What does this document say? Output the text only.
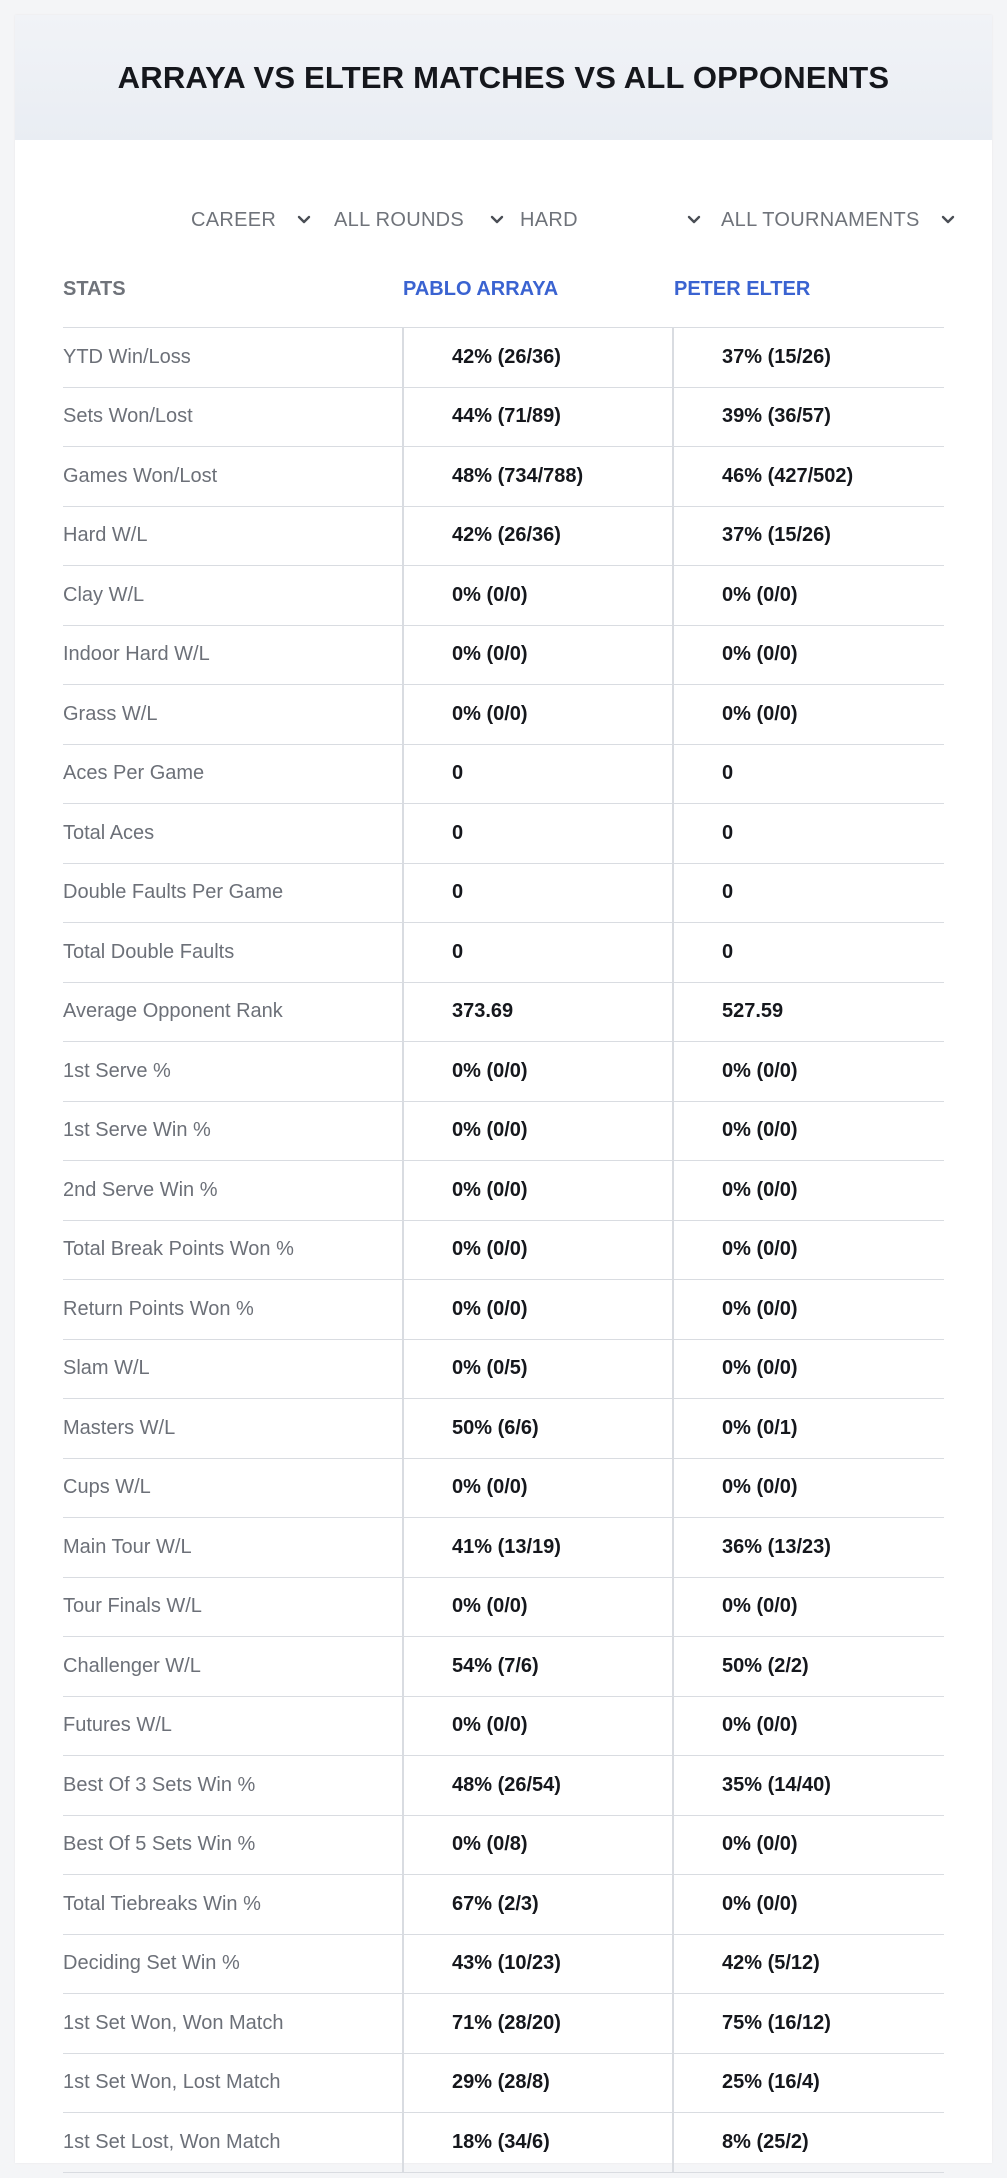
ARRAYA VS ELTER MATCHES VS ALL OPPONENTS
CAREER	ALL ROUNDS	HARD	ALL TOURNAMENTS
STATS	PABLO ARRAYA	PETER ELTER
YTD Win/Loss	42% (26/36)	37% (15/26)
Sets Won/Lost	44% (71/89)	39% (36/57)
Games Won/Lost	48% (734/788)	46% (427/502)
Hard W/L	42% (26/36)	37% (15/26)
Clay W/L	0% (0/0)	0% (0/0)
Indoor Hard W/L	0% (0/0)	0% (0/0)
Grass W/L	0% (0/0)	0% (0/0)
Aces Per Game	0	0
Total Aces	0	0
Double Faults Per Game	0	0
Total Double Faults	0	0
Average Opponent Rank	373.69	527.59
1st Serve %	0% (0/0)	0% (0/0)
1st Serve Win %	0% (0/0)	0% (0/0)
2nd Serve Win %	0% (0/0)	0% (0/0)
Total Break Points Won %	0% (0/0)	0% (0/0)
Return Points Won %	0% (0/0)	0% (0/0)
Slam W/L	0% (0/5)	0% (0/0)
Masters W/L	50% (6/6)	0% (0/1)
Cups W/L	0% (0/0)	0% (0/0)
Main Tour W/L	41% (13/19)	36% (13/23)
Tour Finals W/L	0% (0/0)	0% (0/0)
Challenger W/L	54% (7/6)	50% (2/2)
Futures W/L	0% (0/0)	0% (0/0)
Best Of 3 Sets Win %	48% (26/54)	35% (14/40)
Best Of 5 Sets Win %	0% (0/8)	0% (0/0)
Total Tiebreaks Win %	67% (2/3)	0% (0/0)
Deciding Set Win %	43% (10/23)	42% (5/12)
1st Set Won, Won Match	71% (28/20)	75% (16/12)
1st Set Won, Lost Match	29% (28/8)	25% (16/4)
1st Set Lost, Won Match	18% (34/6)	8% (25/2)
